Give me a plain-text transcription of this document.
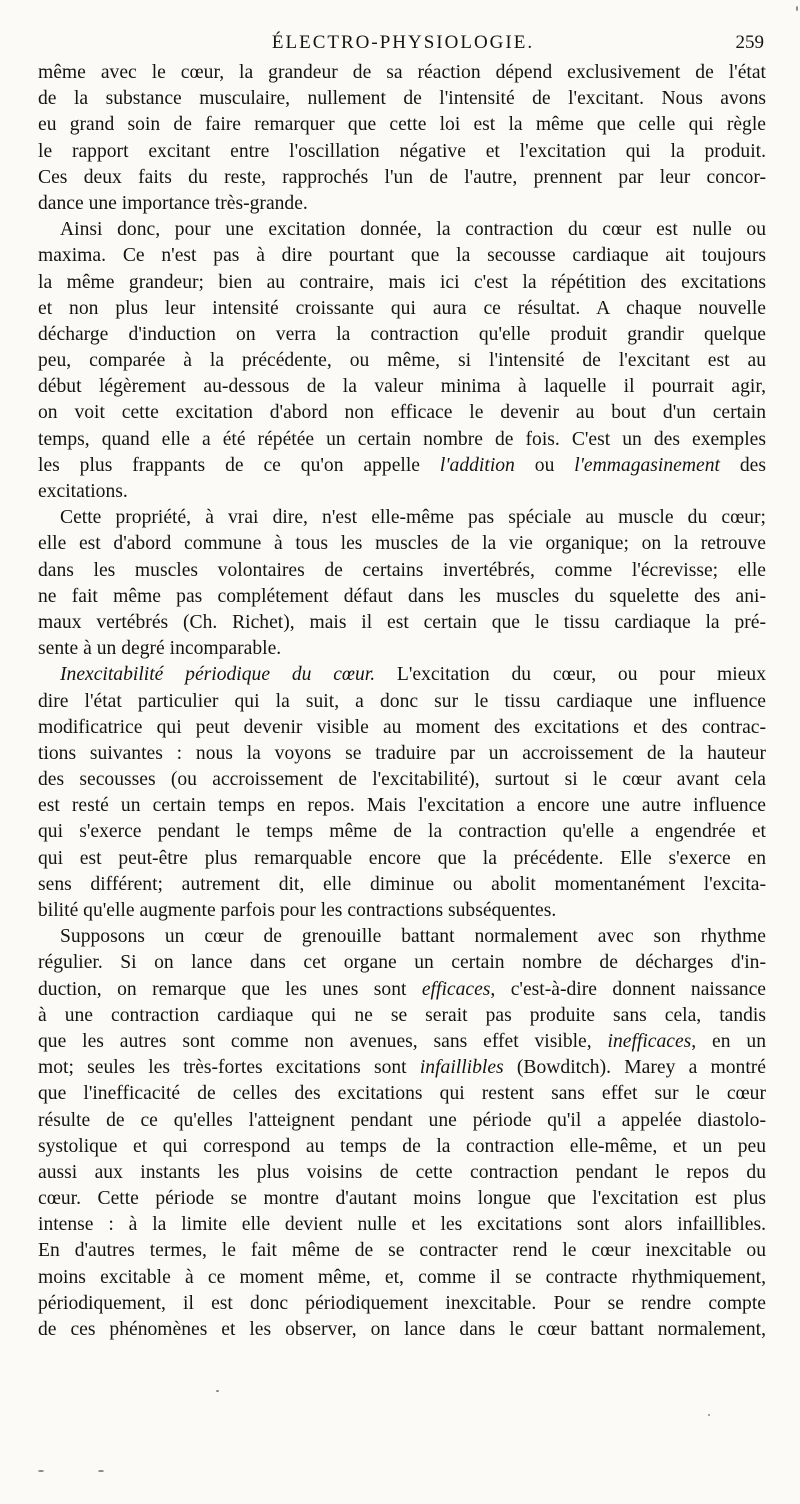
ÉLECTRO-PHYSIOLOGIE.	259
même avec le cœur, la grandeur de sa réaction dépend exclusivement de l'état
de la substance musculaire, nullement de l'intensité de l'excitant. Nous avons
eu grand soin de faire remarquer que cette loi est la même que celle qui règle
le rapport excitant entre l'oscillation négative et l'excitation qui la produit.
Ces deux faits du reste, rapprochés l'un de l'autre, prennent par leur concor-
dance une importance très-grande.
Ainsi donc, pour une excitation donnée, la contraction du cœur est nulle ou
maxima. Ce n'est pas à dire pourtant que la secousse cardiaque ait toujours
la même grandeur; bien au contraire, mais ici c'est la répétition des excitations
et non plus leur intensité croissante qui aura ce résultat. A chaque nouvelle
décharge d'induction on verra la contraction qu'elle produit grandir quelque
peu, comparée à la précédente, ou même, si l'intensité de l'excitant est au
début légèrement au-dessous de la valeur minima à laquelle il pourrait agir,
on voit cette excitation d'abord non efficace le devenir au bout d'un certain
temps, quand elle a été répétée un certain nombre de fois. C'est un des exemples
les plus frappants de ce qu'on appelle l'addition ou l'emmagasinement des
excitations.
Cette propriété, à vrai dire, n'est elle-même pas spéciale au muscle du cœur;
elle est d'abord commune à tous les muscles de la vie organique; on la retrouve
dans les muscles volontaires de certains invertébrés, comme l'écrevisse; elle
ne fait même pas complétement défaut dans les muscles du squelette des ani-
maux vertébrés (Ch. Richet), mais il est certain que le tissu cardiaque la pré-
sente à un degré incomparable.
Inexcitabilité périodique du cœur. L'excitation du cœur, ou pour mieux
dire l'état particulier qui la suit, a donc sur le tissu cardiaque une influence
modificatrice qui peut devenir visible au moment des excitations et des contrac-
tions suivantes : nous la voyons se traduire par un accroissement de la hauteur
des secousses (ou accroissement de l'excitabilité), surtout si le cœur avant cela
est resté un certain temps en repos. Mais l'excitation a encore une autre influence
qui s'exerce pendant le temps même de la contraction qu'elle a engendrée et
qui est peut-être plus remarquable encore que la précédente. Elle s'exerce en
sens différent; autrement dit, elle diminue ou abolit momentanément l'excita-
bilité qu'elle augmente parfois pour les contractions subséquentes.
Supposons un cœur de grenouille battant normalement avec son rhythme
régulier. Si on lance dans cet organe un certain nombre de décharges d'in-
duction, on remarque que les unes sont efficaces, c'est-à-dire donnent naissance
à une contraction cardiaque qui ne se serait pas produite sans cela, tandis
que les autres sont comme non avenues, sans effet visible, inefficaces, en un
mot; seules les très-fortes excitations sont infaillibles (Bowditch). Marey a montré
que l'inefficacité de celles des excitations qui restent sans effet sur le cœur
résulte de ce qu'elles l'atteignent pendant une période qu'il a appelée diastolo-
systolique et qui correspond au temps de la contraction elle-même, et un peu
aussi aux instants les plus voisins de cette contraction pendant le repos du
cœur. Cette période se montre d'autant moins longue que l'excitation est plus
intense : à la limite elle devient nulle et les excitations sont alors infaillibles.
En d'autres termes, le fait même de se contracter rend le cœur inexcitable ou
moins excitable à ce moment même, et, comme il se contracte rhythmiquement,
périodiquement, il est donc périodiquement inexcitable. Pour se rendre compte
de ces phénomènes et les observer, on lance dans le cœur battant normalement,
